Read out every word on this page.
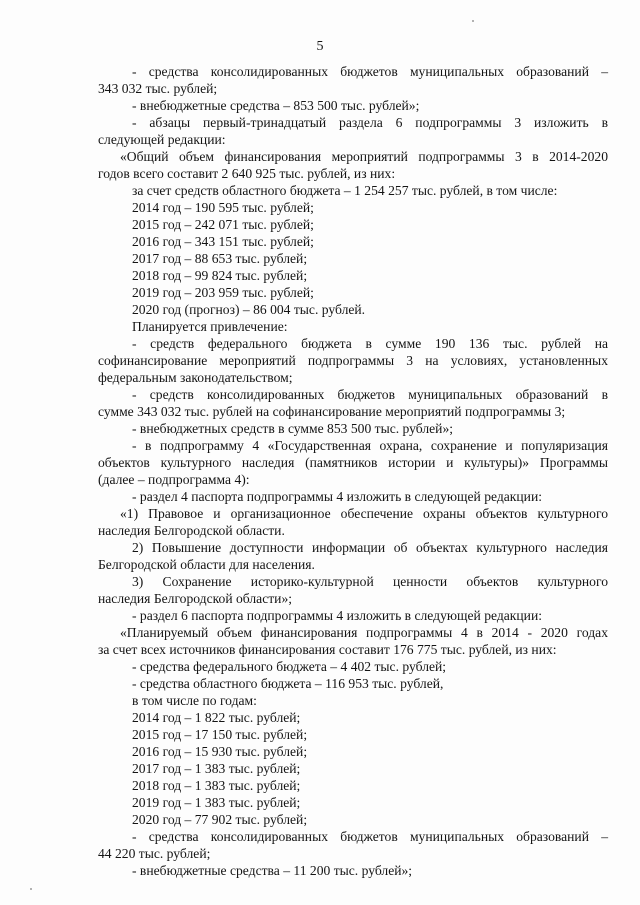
5
- средства консолидированных бюджетов муниципальных образований –
343 032 тыс. рублей;
- внебюджетные средства – 853 500 тыс. рублей»;
- абзацы первый-тринадцатый раздела 6 подпрограммы 3 изложить в
следующей редакции:
«Общий объем финансирования мероприятий подпрограммы 3 в 2014-2020
годов всего составит 2 640 925 тыс. рублей, из них:
за счет средств областного бюджета – 1 254 257 тыс. рублей, в том числе:
2014 год – 190 595 тыс. рублей;
2015 год – 242 071 тыс. рублей;
2016 год – 343 151 тыс. рублей;
2017 год – 88 653 тыс. рублей;
2018 год – 99 824 тыс. рублей;
2019 год – 203 959 тыс. рублей;
2020 год (прогноз) – 86 004 тыс. рублей.
Планируется привлечение:
- средств федерального бюджета в сумме 190 136 тыс. рублей на
софинансирование мероприятий подпрограммы 3 на условиях, установленных
федеральным законодательством;
- средств консолидированных бюджетов муниципальных образований в
сумме 343 032 тыс. рублей на софинансирование мероприятий подпрограммы 3;
- внебюджетных средств в сумме 853 500 тыс. рублей»;
- в подпрограмму 4 «Государственная охрана, сохранение и популяризация
объектов культурного наследия (памятников истории и культуры)» Программы
(далее – подпрограмма 4):
- раздел 4 паспорта подпрограммы 4 изложить в следующей редакции:
«1) Правовое и организационное обеспечение охраны объектов культурного
наследия Белгородской области.
2) Повышение доступности информации об объектах культурного наследия
Белгородской области для населения.
3) Сохранение историко-культурной ценности объектов культурного
наследия Белгородской области»;
- раздел 6 паспорта подпрограммы 4 изложить в следующей редакции:
«Планируемый объем финансирования подпрограммы 4 в 2014 - 2020 годах
за счет всех источников финансирования составит 176 775 тыс. рублей, из них:
- средства федерального бюджета – 4 402 тыс. рублей;
- средства областного бюджета – 116 953 тыс. рублей,
в том числе по годам:
2014 год – 1 822 тыс. рублей;
2015 год – 17 150 тыс. рублей;
2016 год – 15 930 тыс. рублей;
2017 год – 1 383 тыс. рублей;
2018 год – 1 383 тыс. рублей;
2019 год – 1 383 тыс. рублей;
2020 год – 77 902 тыс. рублей;
- средства консолидированных бюджетов муниципальных образований –
44 220 тыс. рублей;
- внебюджетные средства – 11 200 тыс. рублей»;
